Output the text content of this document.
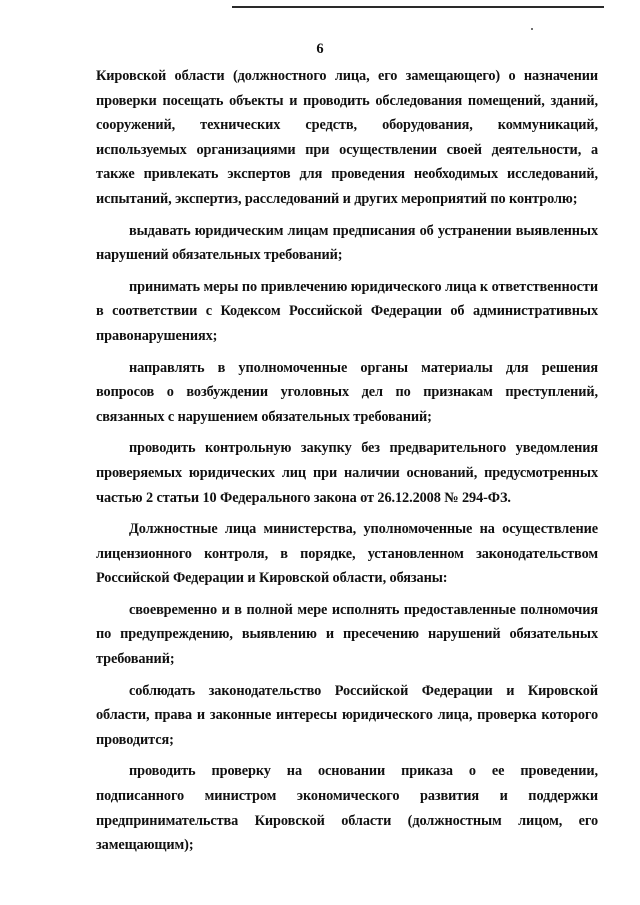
6

Кировской области (должностного лица, его замещающего) о назначении проверки посещать объекты и проводить обследования помещений, зданий, сооружений, технических средств, оборудования, коммуникаций, используемых организациями при осуществлении своей деятельности, а также привлекать экспертов для проведения необходимых исследований, испытаний, экспертиз, расследований и других мероприятий по контролю;

выдавать юридическим лицам предписания об устранении выявленных нарушений обязательных требований;

принимать меры по привлечению юридического лица к ответственности в соответствии с Кодексом Российской Федерации об административных правонарушениях;

направлять в уполномоченные органы материалы для решения вопросов о возбуждении уголовных дел по признакам преступлений, связанных с нарушением обязательных требований;

проводить контрольную закупку без предварительного уведомления проверяемых юридических лиц при наличии оснований, предусмотренных частью 2 статьи 10 Федерального закона от 26.12.2008 № 294-ФЗ.

Должностные лица министерства, уполномоченные на осуществление лицензионного контроля, в порядке, установленном законодательством Российской Федерации и Кировской области, обязаны:

своевременно и в полной мере исполнять предоставленные полномочия по предупреждению, выявлению и пресечению нарушений обязательных требований;

соблюдать законодательство Российской Федерации и Кировской области, права и законные интересы юридического лица, проверка которого проводится;

проводить проверку на основании приказа о ее проведении, подписанного министром экономического развития и поддержки предпринимательства Кировской области (должностным лицом, его замещающим);
